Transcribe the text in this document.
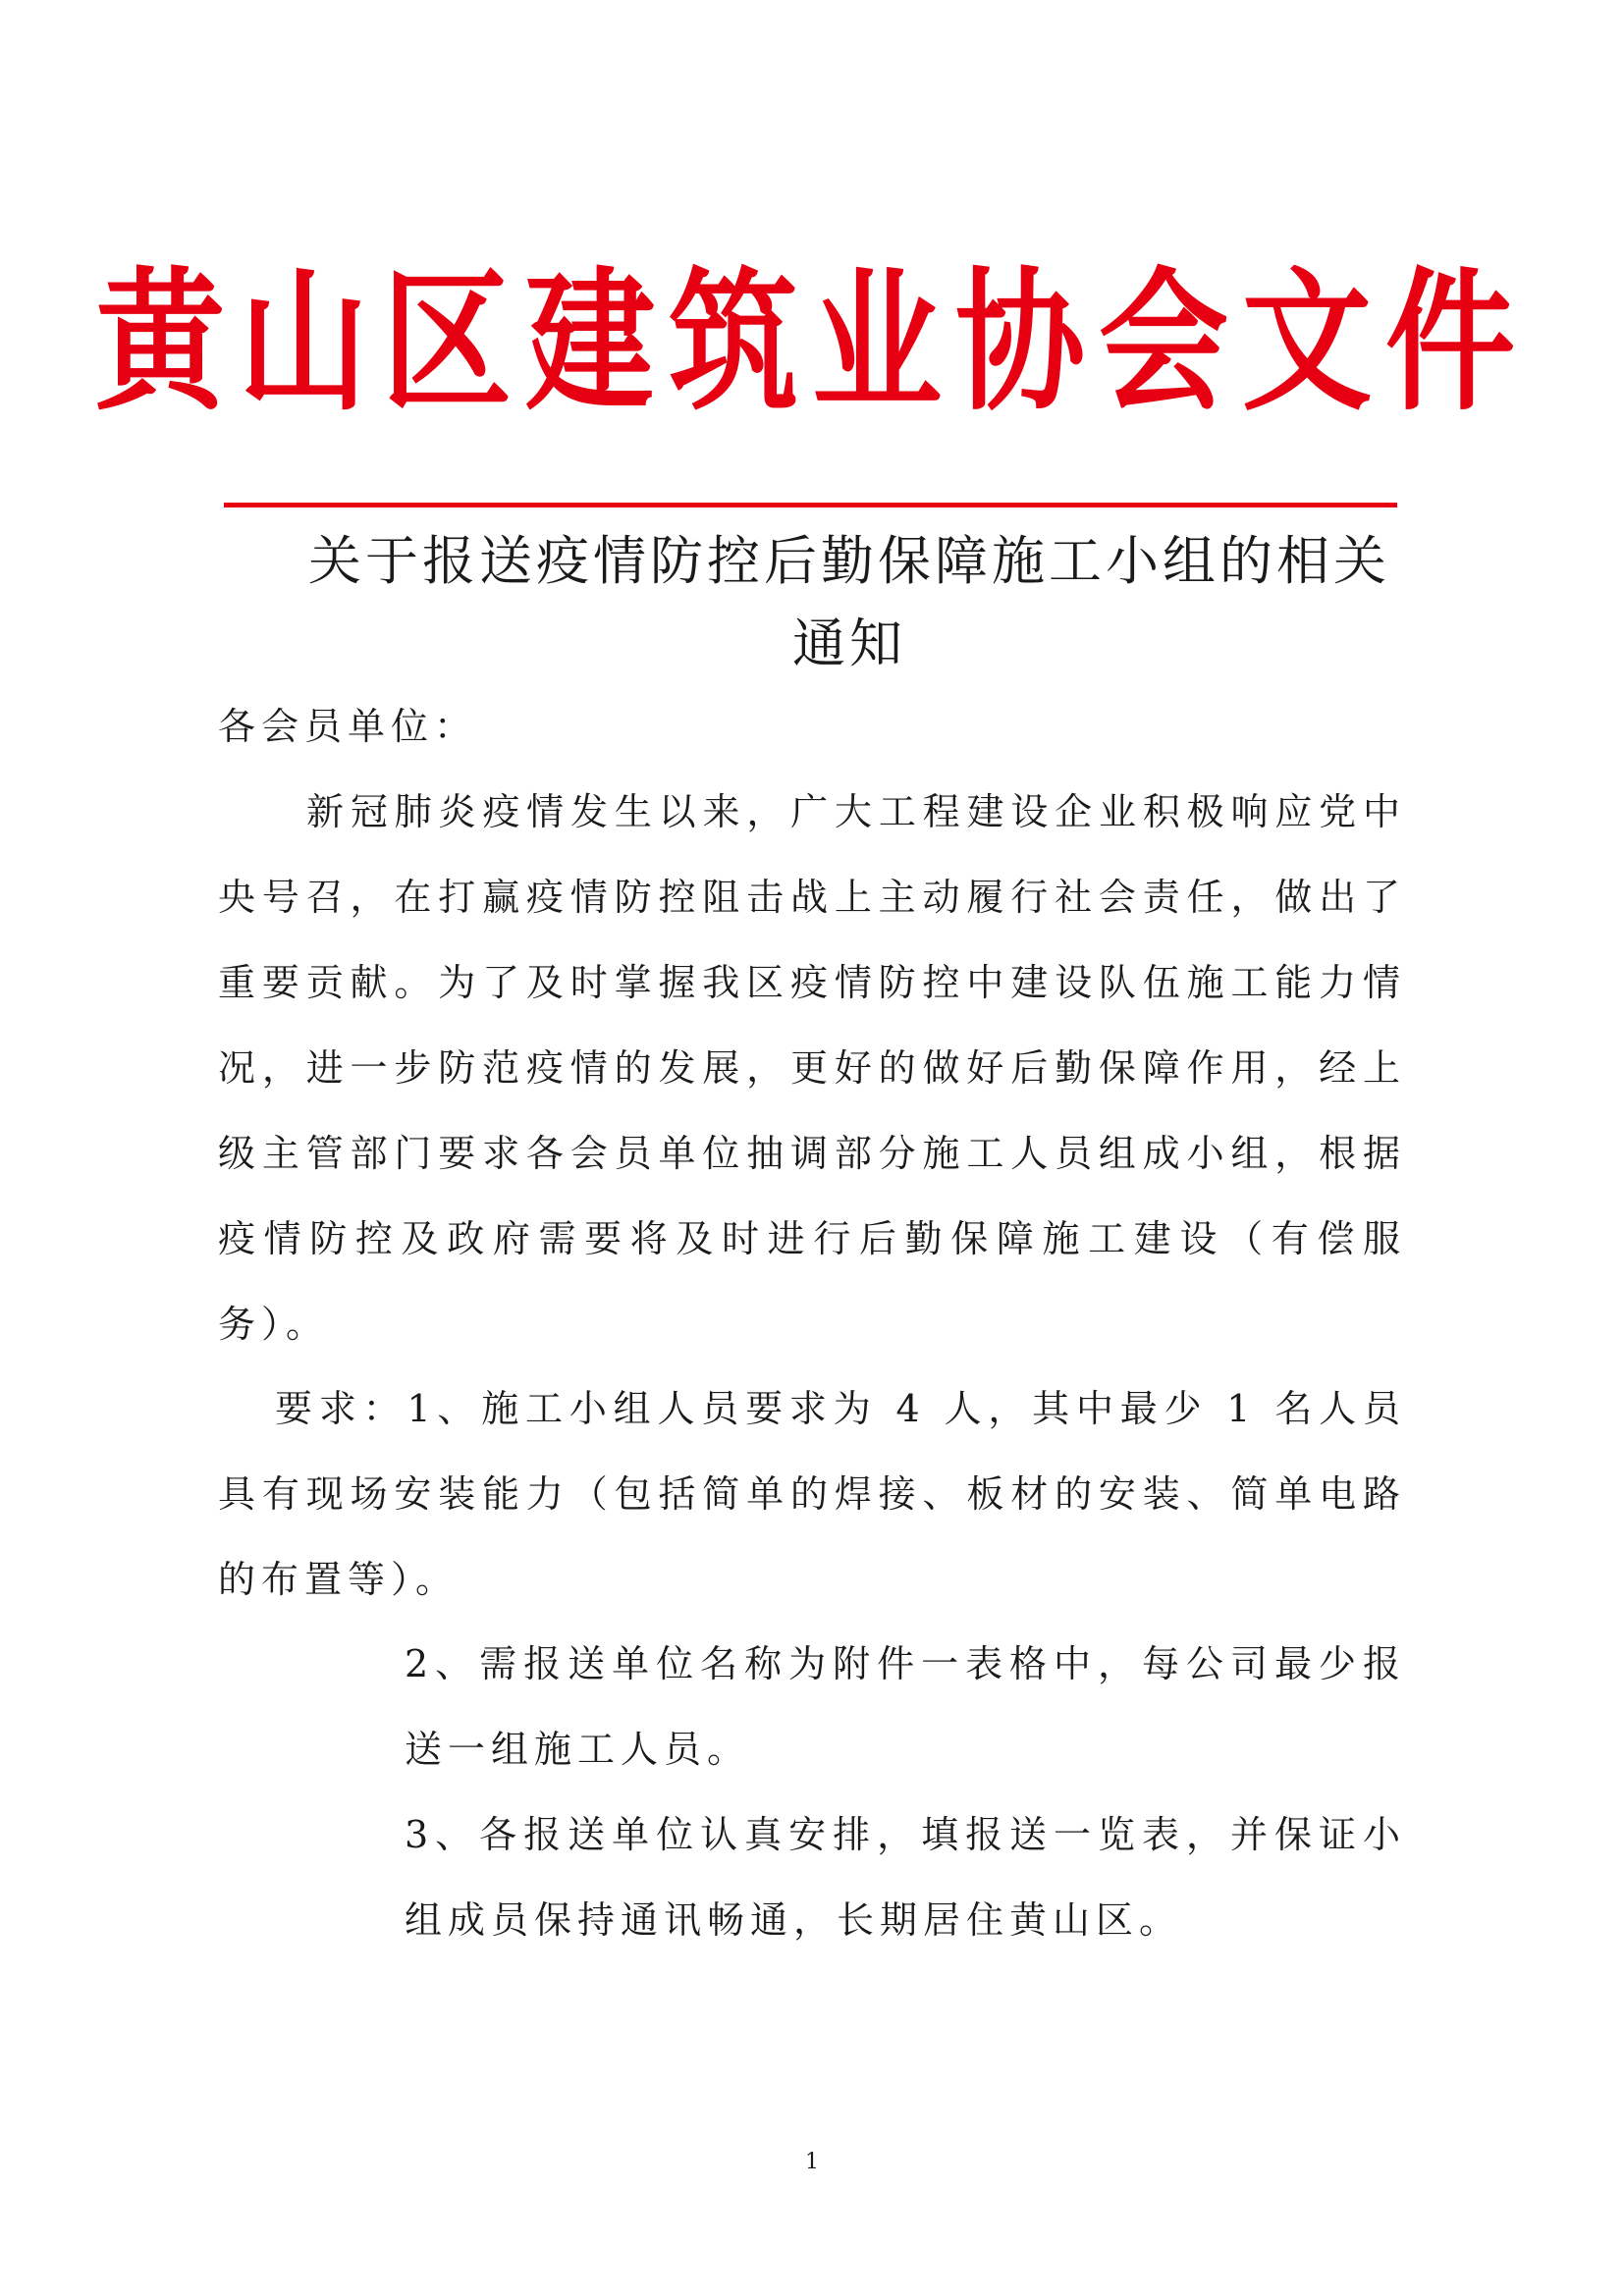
黄山区建筑业协会文件
关于报送疫情防控后勤保障施工小组的相关通知

各会员单位：

新冠肺炎疫情发生以来，广大工程建设企业积极响应党中央号召，在打赢疫情防控阻击战上主动履行社会责任，做出了重要贡献。为了及时掌握我区疫情防控中建设队伍施工能力情况，进一步防范疫情的发展，更好的做好后勤保障作用，经上级主管部门要求各会员单位抽调部分施工人员组成小组，根据疫情防控及政府需要将及时进行后勤保障施工建设（有偿服务）。

要求：1、施工小组人员要求为 4 人，其中最少 1 名人员具有现场安装能力（包括简单的焊接、板材的安装、简单电路的布置等）。

2、需报送单位名称为附件一表格中，每公司最少报送一组施工人员。

3、各报送单位认真安排，填报送一览表，并保证小组成员保持通讯畅通，长期居住黄山区。

1
